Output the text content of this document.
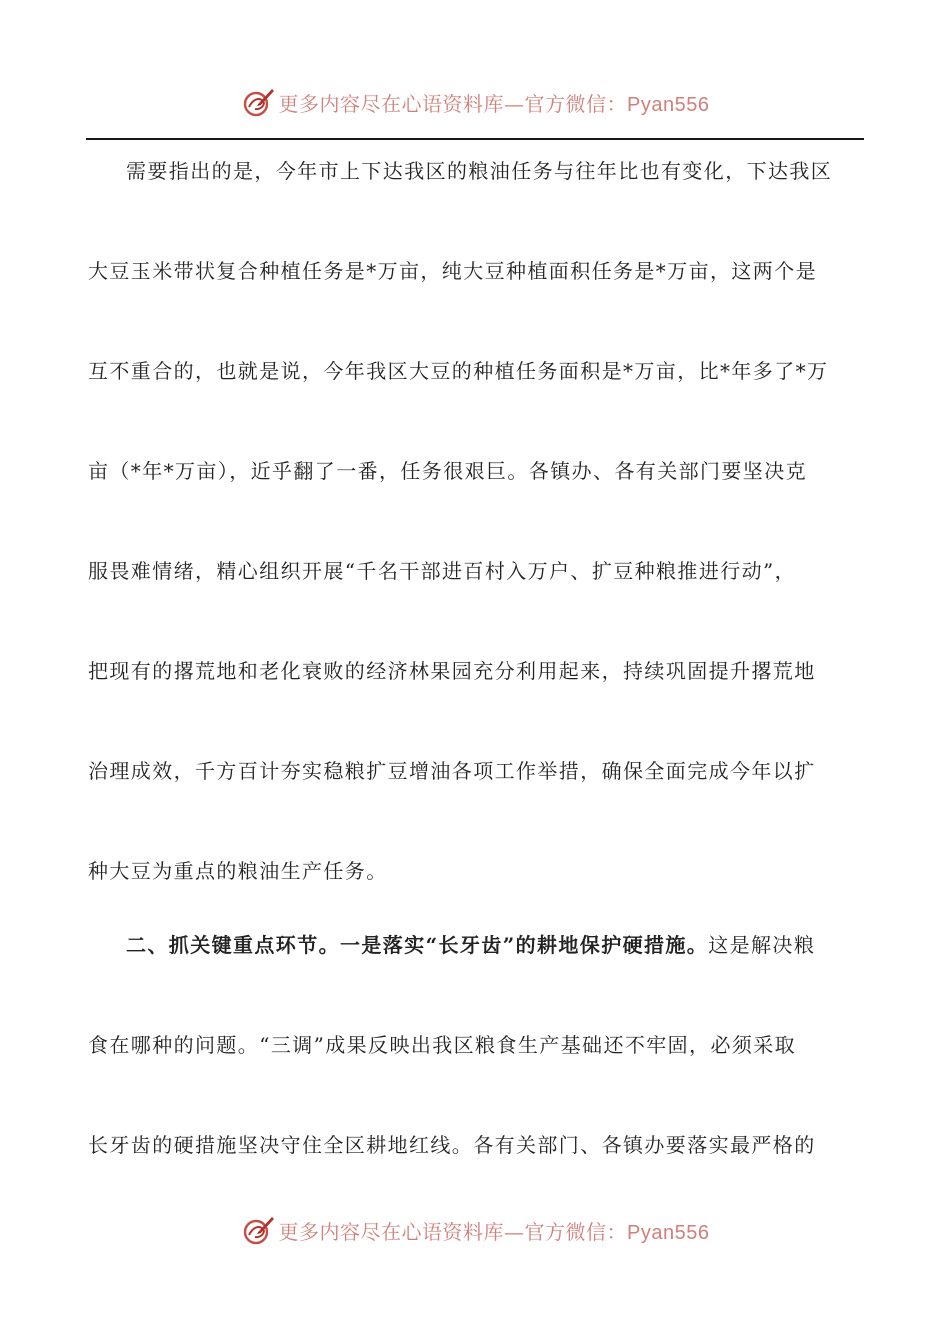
更多内容尽在心语资料库—官方微信：Pyan556
需要指出的是，今年市上下达我区的粮油任务与往年比也有变化，下达我区
大豆玉米带状复合种植任务是*万亩，纯大豆种植面积任务是*万亩，这两个是
互不重合的，也就是说，今年我区大豆的种植任务面积是*万亩，比*年多了*万
亩（*年*万亩），近乎翻了一番，任务很艰巨。各镇办、各有关部门要坚决克
服畏难情绪，精心组织开展“千名干部进百村入万户、扩豆种粮推进行动”，
把现有的撂荒地和老化衰败的经济林果园充分利用起来，持续巩固提升撂荒地
治理成效，千方百计夯实稳粮扩豆增油各项工作举措，确保全面完成今年以扩
种大豆为重点的粮油生产任务。
二、抓关键重点环节。一是落实“长牙齿”的耕地保护硬措施。这是解决粮
食在哪种的问题。“三调”成果反映出我区粮食生产基础还不牢固，必须采取
长牙齿的硬措施坚决守住全区耕地红线。各有关部门、各镇办要落实最严格的
更多内容尽在心语资料库—官方微信：Pyan556
